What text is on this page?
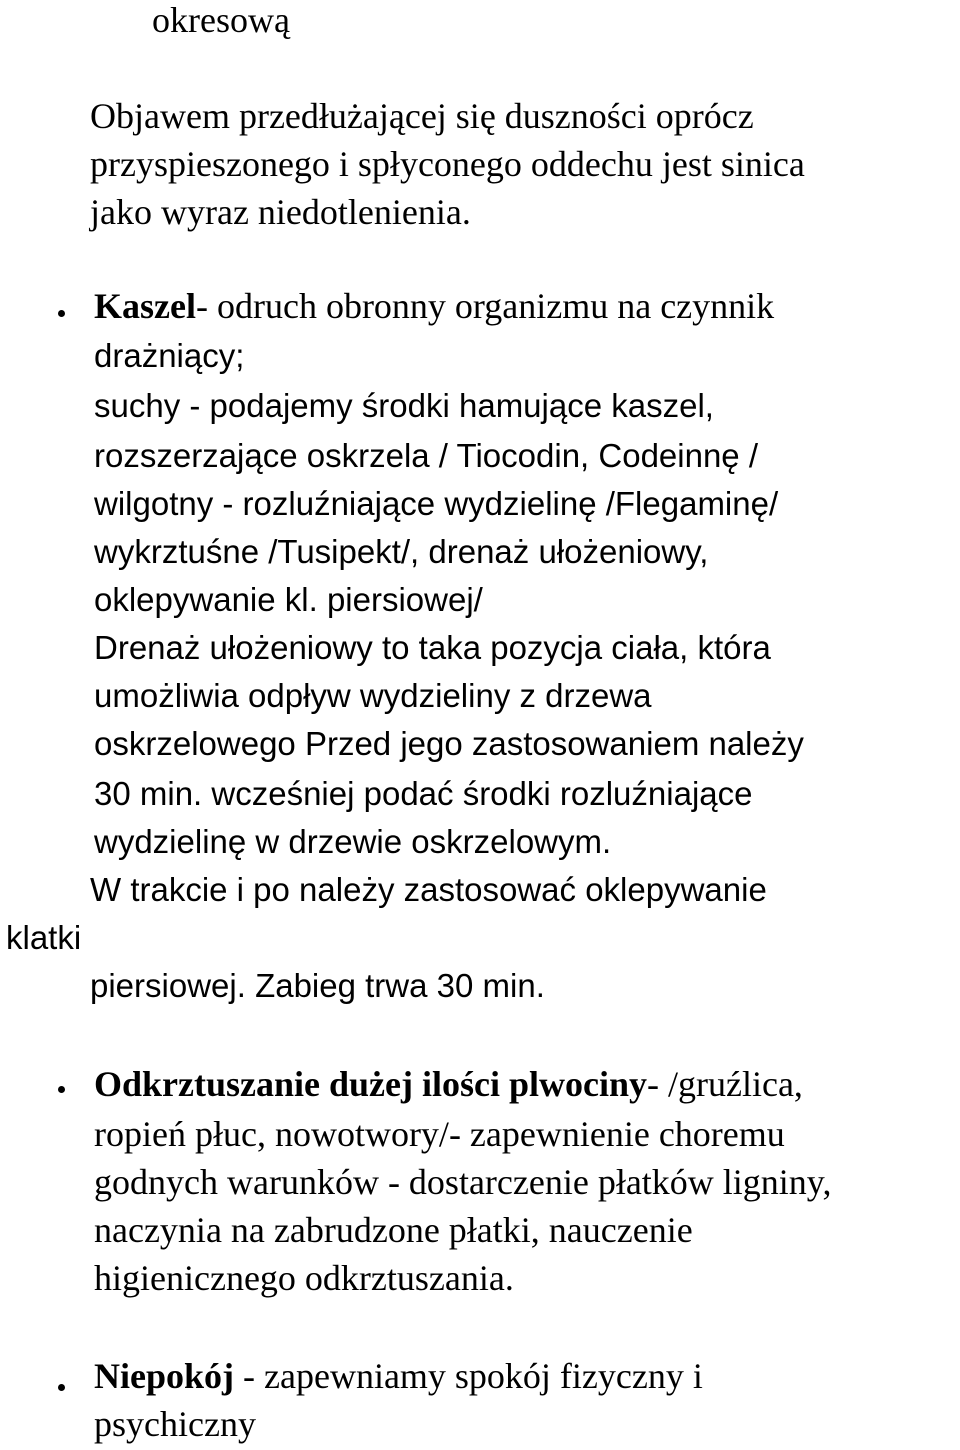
okresową
Objawem przedłużającej się duszności oprócz
przyspieszonego i spłyconego oddechu jest sinica
jako wyraz niedotlenienia.
Kaszel- odruch obronny organizmu na czynnik
drażniący;
suchy - podajemy środki hamujące kaszel,
rozszerzające oskrzela / Tiocodin, Codeinnę /
wilgotny - rozluźniające wydzielinę /Flegaminę/
wykrztuśne /Tusipekt/, drenaż ułożeniowy,
oklepywanie kl. piersiowej/
Drenaż ułożeniowy to taka pozycja ciała, która
umożliwia odpływ wydzieliny z drzewa
oskrzelowego Przed jego zastosowaniem należy
30 min. wcześniej podać środki rozluźniające
wydzielinę w drzewie oskrzelowym.
W trakcie i po należy zastosować oklepywanie
klatki
piersiowej. Zabieg trwa 30 min.
Odkrztuszanie dużej ilości plwociny- /gruźlica,
ropień płuc, nowotwory/- zapewnienie choremu
godnych warunków - dostarczenie płatków ligniny,
naczynia na zabrudzone płatki, nauczenie
higienicznego odkrztuszania.
Niepokój - zapewniamy spokój fizyczny i
psychiczny
